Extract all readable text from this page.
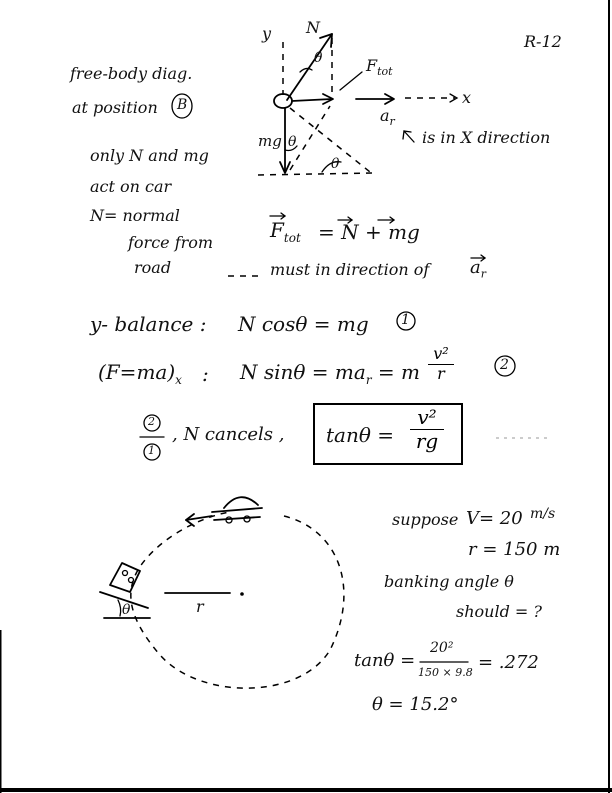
R-12
free-body diag.
at position B
N
y
θ	$F_{tot}$
mg θ
θ
x
$a_r$
is in X direction
only N and mg
act on car
N= normal
force from
road
$F_{tot} = N$ + mg
must in direction of $a_r$
y- balance : N cosθ = mg 1
$(F=ma)_x$ : N $\sin\theta = ma_r = m$
v²
r	2
2
1
, N cancels , tanθ =
v²
rg
suppose V= 20 m/s
r = 150 m
banking angle θ
should = ?
tanθ =
20²
150 × 9.8 = .272
θ = 15.2°
r
θ
